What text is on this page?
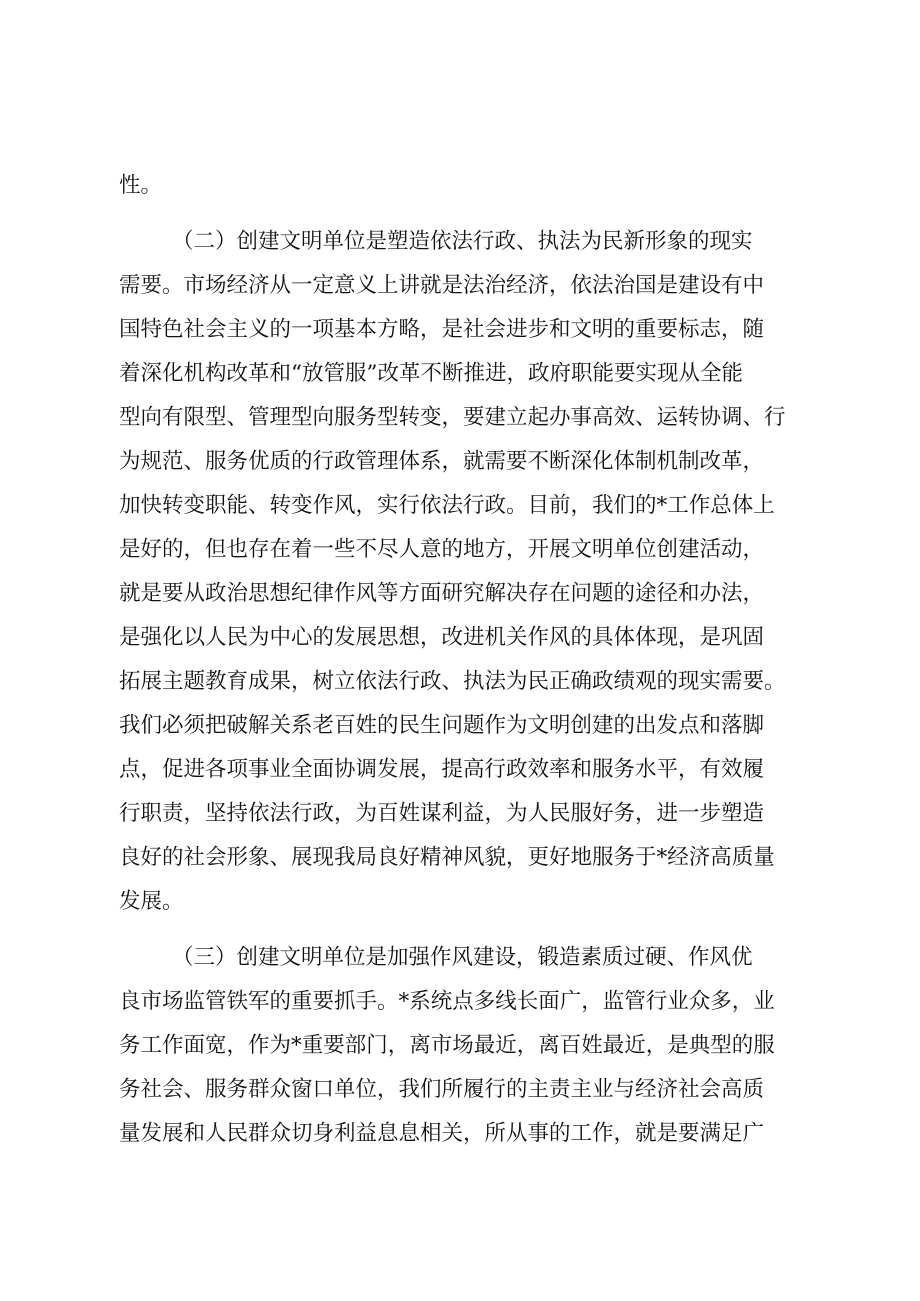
性。
（二）创建文明单位是塑造依法行政、执法为民新形象的现实
需要。市场经济从一定意义上讲就是法治经济，依法治国是建设有中
国特色社会主义的一项基本方略，是社会进步和文明的重要标志，随
着深化机构改革和“放管服”改革不断推进，政府职能要实现从全能
型向有限型、管理型向服务型转变，要建立起办事高效、运转协调、行
为规范、服务优质的行政管理体系，就需要不断深化体制机制改革，
加快转变职能、转变作风，实行依法行政。目前，我们的*工作总体上
是好的，但也存在着一些不尽人意的地方，开展文明单位创建活动，
就是要从政治思想纪律作风等方面研究解决存在问题的途径和办法，
是强化以人民为中心的发展思想，改进机关作风的具体体现，是巩固
拓展主题教育成果，树立依法行政、执法为民正确政绩观的现实需要。
我们必须把破解关系老百姓的民生问题作为文明创建的出发点和落脚
点，促进各项事业全面协调发展，提高行政效率和服务水平，有效履
行职责，坚持依法行政，为百姓谋利益，为人民服好务，进一步塑造
良好的社会形象、展现我局良好精神风貌，更好地服务于*经济高质量
发展。
（三）创建文明单位是加强作风建设，锻造素质过硬、作风优
良市场监管铁军的重要抓手。*系统点多线长面广，监管行业众多，业
务工作面宽，作为*重要部门，离市场最近，离百姓最近，是典型的服
务社会、服务群众窗口单位，我们所履行的主责主业与经济社会高质
量发展和人民群众切身利益息息相关，所从事的工作，就是要满足广
